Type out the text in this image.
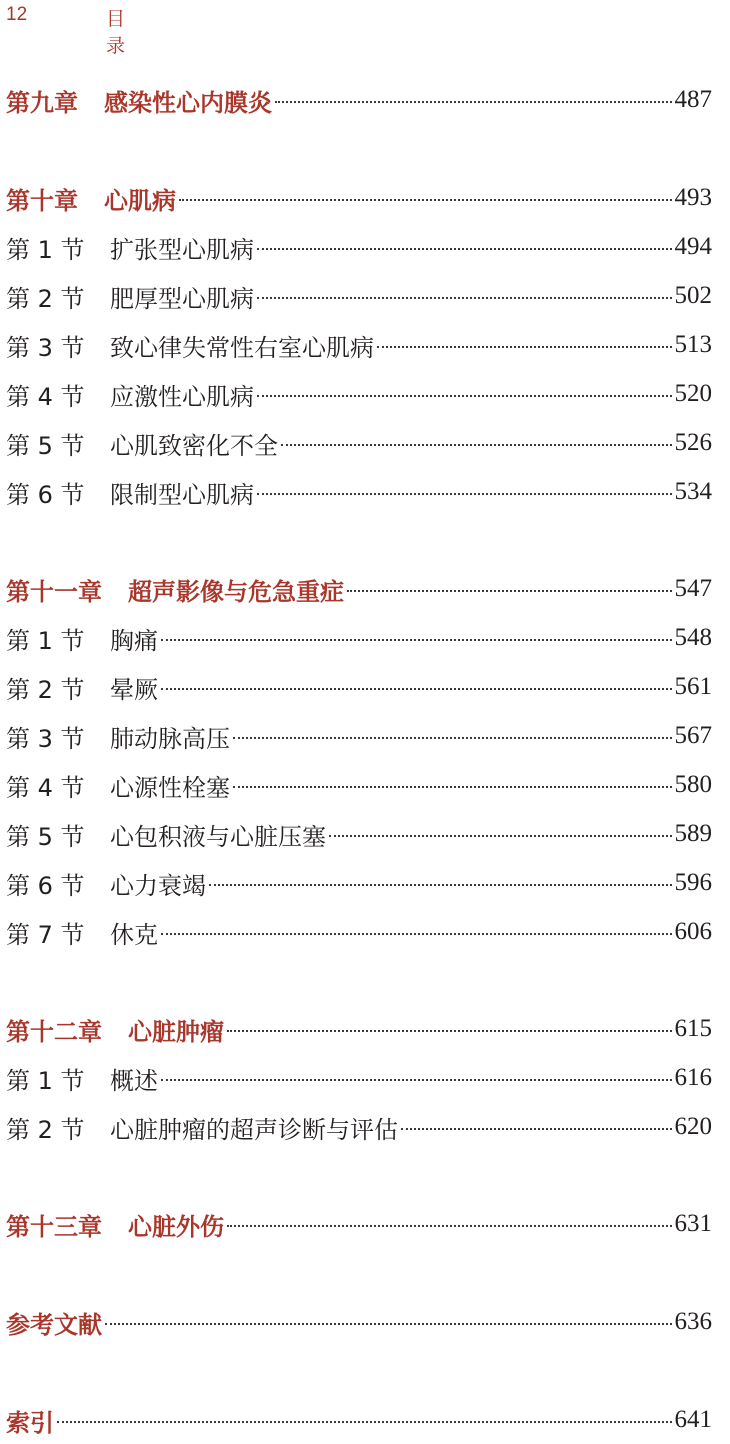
12	目录
第九章 感染性心内膜炎	487
第十章 心肌病	493
第 1 节	扩张型心肌病	494
第 2 节	肥厚型心肌病	502
第 3 节	致心律失常性右室心肌病	513
第 4 节	应激性心肌病	520
第 5 节	心肌致密化不全	526
第 6 节	限制型心肌病	534
第十一章 超声影像与危急重症	547
第 1 节	胸痛	548
第 2 节	晕厥	561
第 3 节	肺动脉高压	567
第 4 节	心源性栓塞	580
第 5 节	心包积液与心脏压塞	589
第 6 节	心力衰竭	596
第 7 节	休克	606
第十二章 心脏肿瘤	615
第 1 节	概述	616
第 2 节	心脏肿瘤的超声诊断与评估	620
第十三章 心脏外伤	631
参考文献	636
索引	641
